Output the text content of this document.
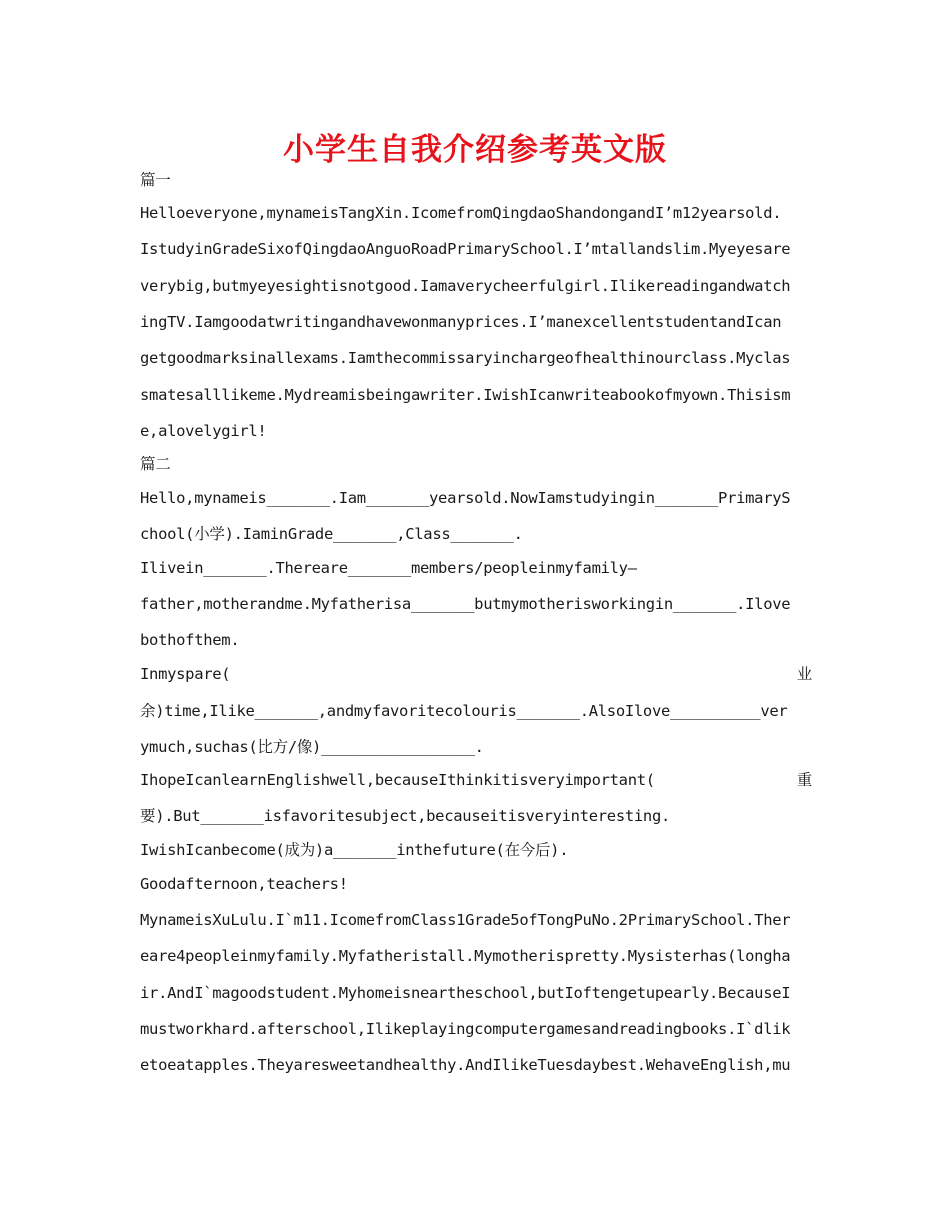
小学生自我介绍参考英文版
篇一
Helloeveryone,mynameisTangXin.IcomefromQingdaoShandongandI’m12yearsold.
IstudyinGradeSixofQingdaoAnguoRoadPrimarySchool.I’mtallandslim.Myeyesare
verybig,butmyeyesightisnotgood.Iamaverycheerfulgirl.Ilikereadingandwatch
ingTV.Iamgoodatwritingandhavewonmanyprices.I’manexcellentstudentandIcan
getgoodmarksinallexams.Iamthecommissaryinchargeofhealthinourclass.Myclas
smatesalllikeme.Mydreamisbeingawriter.IwishIcanwriteabookofmyown.Thisism
e,alovelygirl!
篇二
Hello,mynameis_______.Iam_______yearsold.NowIamstudyingin_______PrimaryS
chool(小学).IaminGrade_______,Class_______.
Ilivein_______.Thereare_______members/peopleinmyfamily—
father,motherandme.Myfatherisa_______butmymotherisworkingin_______.Ilove
bothofthem.
Inmyspare(	业
余)time,Ilike_______,andmyfavoritecolouris_______.AlsoIlove__________ver
ymuch,suchas(比方/像)_________________.
IhopeIcanlearnEnglishwell,becauseIthinkitisveryimportant(	重
要).But_______isfavoritesubject,becauseitisveryinteresting.
IwishIcanbecome(成为)a_______inthefuture(在今后).
Goodafternoon,teachers!
MynameisXuLulu.I`m11.IcomefromClass1Grade5ofTongPuNo.2PrimarySchool.Ther
eare4peopleinmyfamily.Myfatheristall.Mymotherispretty.Mysisterhas(longha
ir.AndI`magoodstudent.Myhomeisneartheschool,butIoftengetupearly.BecauseI
mustworkhard.afterschool,Ilikeplayingcomputergamesandreadingbooks.I`dlik
etoeatapples.Theyaresweetandhealthy.AndIlikeTuesdaybest.WehaveEnglish,mu
